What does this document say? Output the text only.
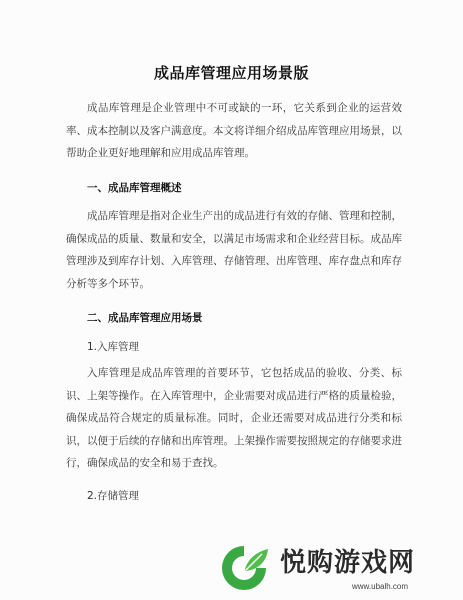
成品库管理应用场景版

成品库管理是企业管理中不可或缺的一环，它关系到企业的运营效率、成本控制以及客户满意度。本文将详细介绍成品库管理应用场景，以帮助企业更好地理解和应用成品库管理。

一、成品库管理概述

成品库管理是指对企业生产出的成品进行有效的存储、管理和控制，确保成品的质量、数量和安全，以满足市场需求和企业经营目标。成品库管理涉及到库存计划、入库管理、存储管理、出库管理、库存盘点和库存分析等多个环节。

二、成品库管理应用场景

1.入库管理

入库管理是成品库管理的首要环节，它包括成品的验收、分类、标识、上架等操作。在入库管理中，企业需要对成品进行严格的质量检验，确保成品符合规定的质量标准。同时，企业还需要对成品进行分类和标识，以便于后续的存储和出库管理。上架操作需要按照规定的存储要求进行，确保成品的安全和易于查找。

2.存储管理

悦购游戏网
www.ubalh.com
